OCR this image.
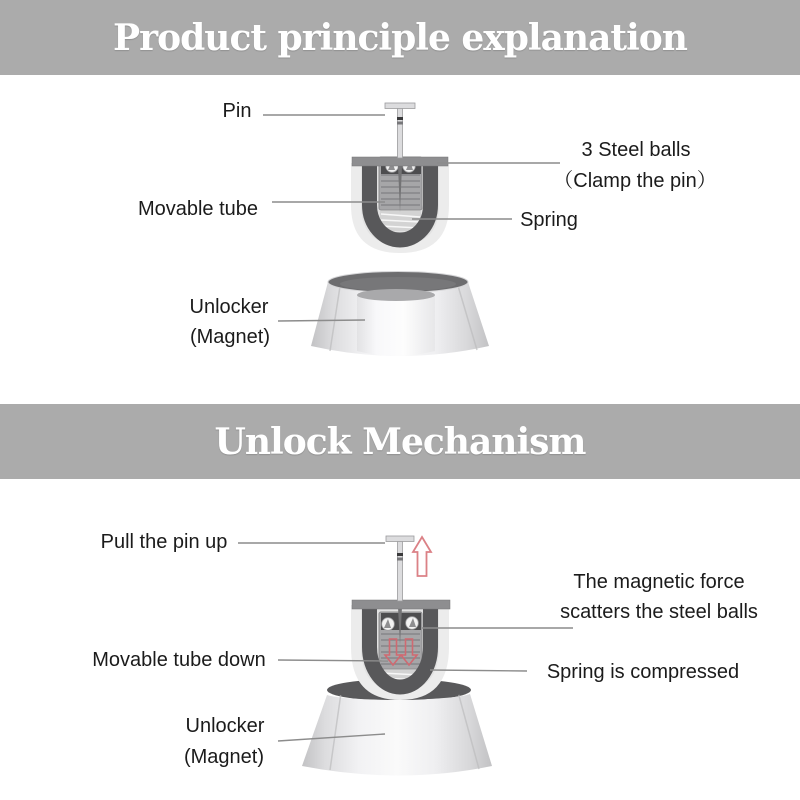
Product principle explanation
Pin
3 Steel balls
（Clamp the pin）
Movable tube	Spring
Unlocker
(Magnet)
Unlock Mechanism
Pull the pin up
The magnetic force
scatters the steel balls
Movable tube down
Spring is compressed
Unlocker
(Magnet)
